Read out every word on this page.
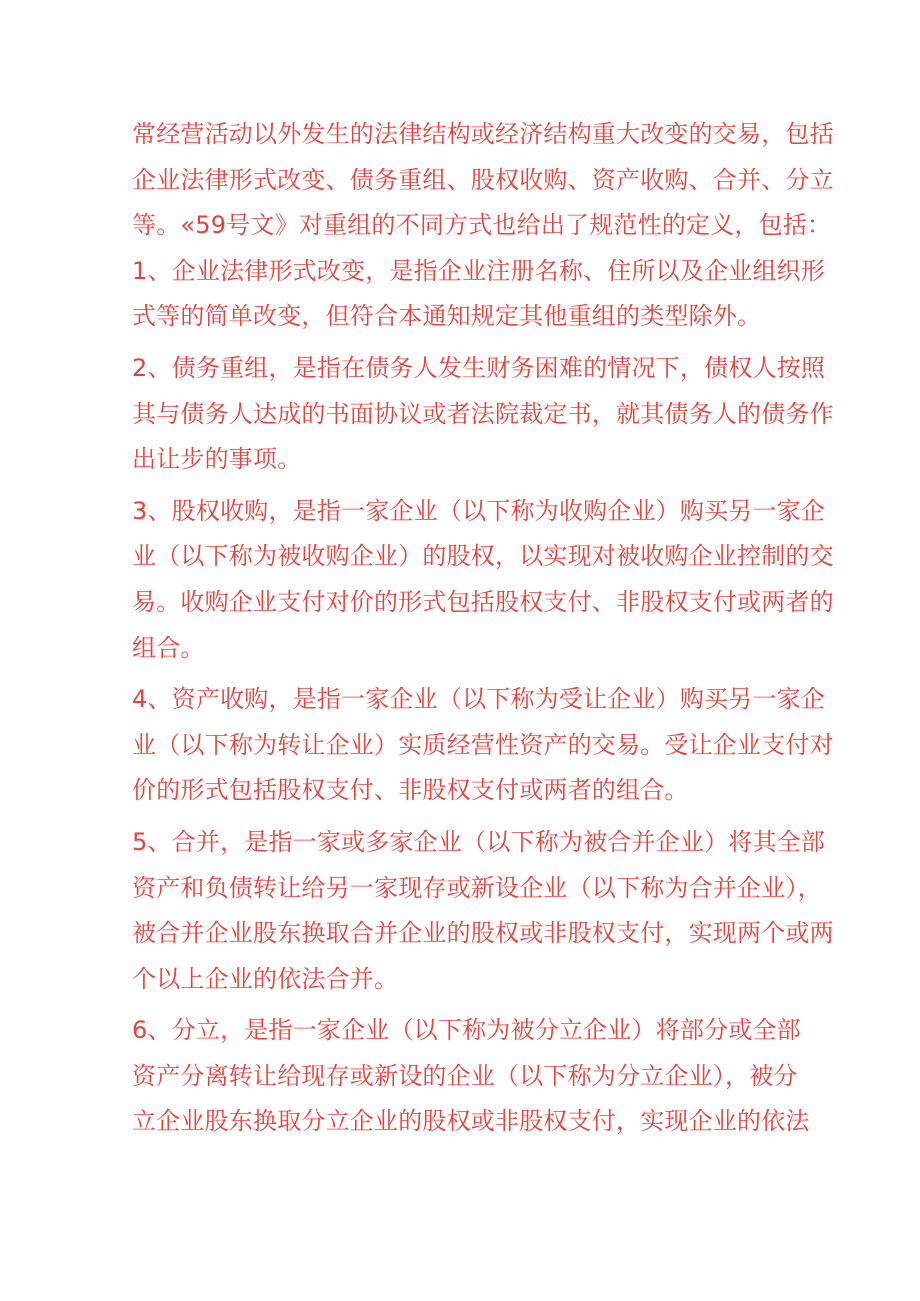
常经营活动以外发生的法律结构或经济结构重大改变的交易，包括
企业法律形式改变、债务重组、股权收购、资产收购、合并、分立
等。«59号文》对重组的不同方式也给出了规范性的定义，包括：
1、企业法律形式改变，是指企业注册名称、住所以及企业组织形
式等的简单改变，但符合本通知规定其他重组的类型除外。
2、债务重组，是指在债务人发生财务困难的情况下，债权人按照
其与债务人达成的书面协议或者法院裁定书，就其债务人的债务作
出让步的事项。
3、股权收购，是指一家企业（以下称为收购企业）购买另一家企
业（以下称为被收购企业）的股权，以实现对被收购企业控制的交
易。收购企业支付对价的形式包括股权支付、非股权支付或两者的
组合。
4、资产收购，是指一家企业（以下称为受让企业）购买另一家企
业（以下称为转让企业）实质经营性资产的交易。受让企业支付对
价的形式包括股权支付、非股权支付或两者的组合。
5、合并，是指一家或多家企业（以下称为被合并企业）将其全部
资产和负债转让给另一家现存或新设企业（以下称为合并企业），
被合并企业股东换取合并企业的股权或非股权支付，实现两个或两
个以上企业的依法合并。
6、分立，是指一家企业（以下称为被分立企业）将部分或全部
资产分离转让给现存或新设的企业（以下称为分立企业），被分
立企业股东换取分立企业的股权或非股权支付，实现企业的依法
